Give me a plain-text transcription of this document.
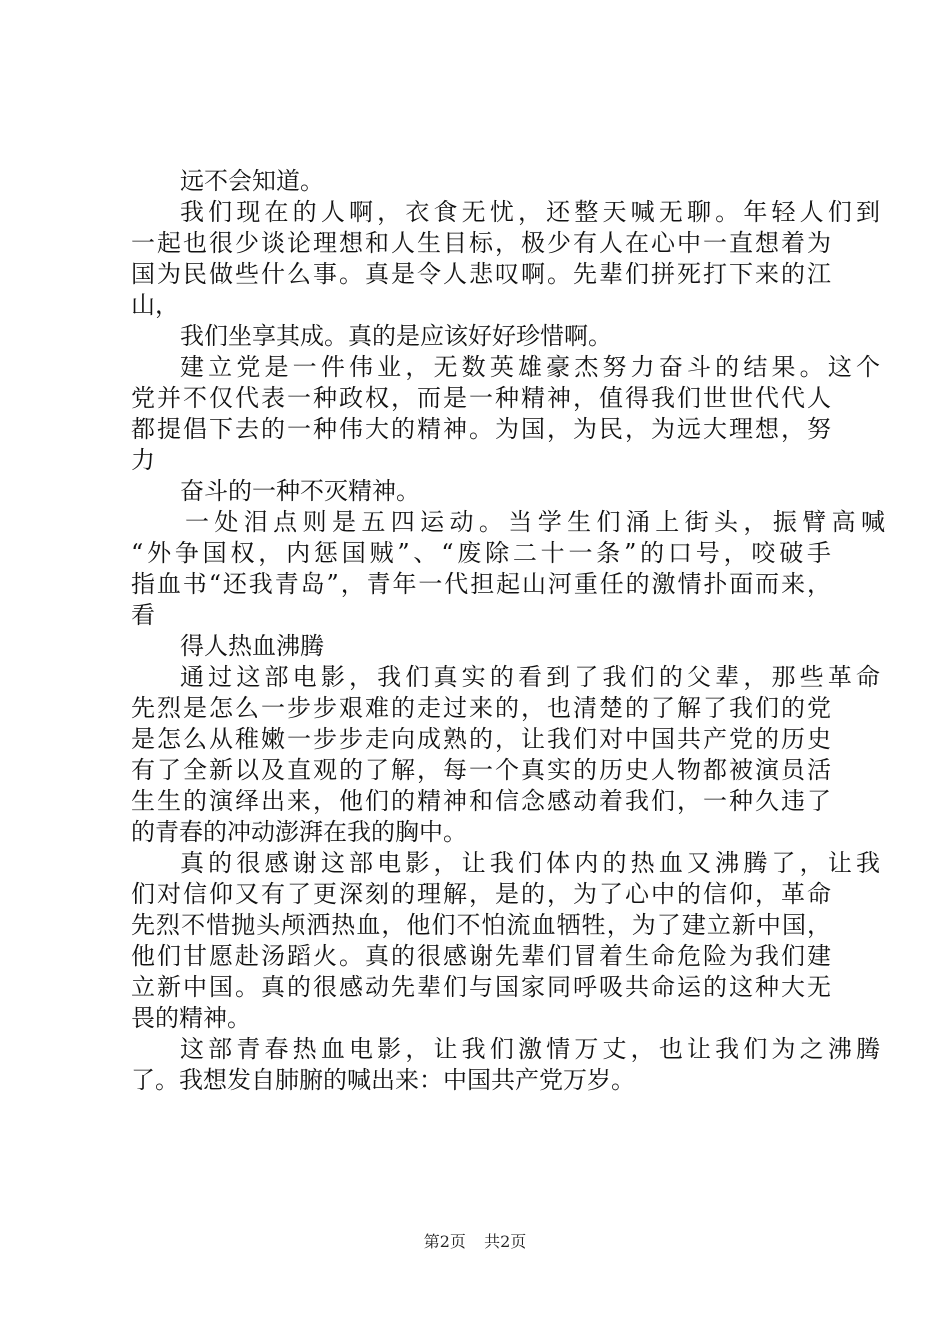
远不会知道。
我们现在的人啊，衣食无忧，还整天喊无聊。年轻人们到
一起也很少谈论理想和人生目标，极少有人在心中一直想着为
国为民做些什么事。真是令人悲叹啊。先辈们拼死打下来的江
山，
我们坐享其成。真的是应该好好珍惜啊。
建立党是一件伟业，无数英雄豪杰努力奋斗的结果。这个
党并不仅代表一种政权，而是一种精神，值得我们世世代代人
都提倡下去的一种伟大的精神。为国，为民，为远大理想，努
力
奋斗的一种不灭精神。
一处泪点则是五四运动。当学生们涌上街头，振臂高喊
“外争国权，内惩国贼”、“废除二十一条”的口号，咬破手
指血书“还我青岛”，青年一代担起山河重任的激情扑面而来，
看
得人热血沸腾
通过这部电影，我们真实的看到了我们的父辈，那些革命
先烈是怎么一步步艰难的走过来的，也清楚的了解了我们的党
是怎么从稚嫩一步步走向成熟的，让我们对中国共产党的历史
有了全新以及直观的了解，每一个真实的历史人物都被演员活
生生的演绎出来，他们的精神和信念感动着我们，一种久违了
的青春的冲动澎湃在我的胸中。
真的很感谢这部电影，让我们体内的热血又沸腾了，让我
们对信仰又有了更深刻的理解，是的，为了心中的信仰，革命
先烈不惜抛头颅洒热血，他们不怕流血牺牲，为了建立新中国，
他们甘愿赴汤蹈火。真的很感谢先辈们冒着生命危险为我们建
立新中国。真的很感动先辈们与国家同呼吸共命运的这种大无
畏的精神。
这部青春热血电影，让我们激情万丈，也让我们为之沸腾
了。我想发自肺腑的喊出来：中国共产党万岁。
第2页 共2页
